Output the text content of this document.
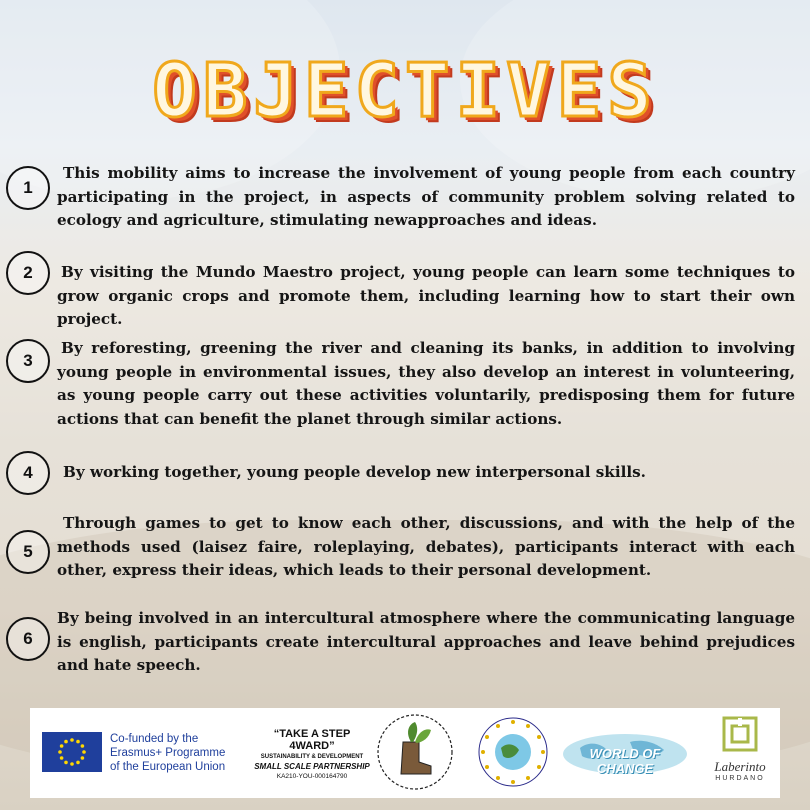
OBJECTIVES
1
This mobility aims to increase the involvement of young people from each country participating in the project, in aspects of community problem solving related to ecology and agriculture, stimulating newapproaches and ideas.
2	By visiting the Mundo Maestro project, young people can learn some techniques to grow organic crops and promote them, including learning how to start their own project.
3
By reforesting, greening the river and cleaning its banks, in addition to involving young people in environmental issues, they also develop an interest in volunteering, as young people carry out these activities voluntarily, predisposing them for future actions that can benefit the planet through similar actions.
4	By working together, young people develop new interpersonal skills.
5
Through games to get to know each other, discussions, and with the help of the methods used (laisez faire, roleplaying, debates), participants interact with each other, express their ideas, which leads to their personal development.
6
By being involved in an intercultural atmosphere where the communicating language is english, participants create intercultural approaches and leave behind prejudices and hate speech.
Co-funded by the
Erasmus+ Programme
of the European Union
“TAKE A STEP 4WARD”
SUSTAINABILITY & DEVELOPMENT
SMALL SCALE PARTNERSHIP
KA210-YOU-000164790
WORLD OF CHANGE	Laberinto
HURDANO
